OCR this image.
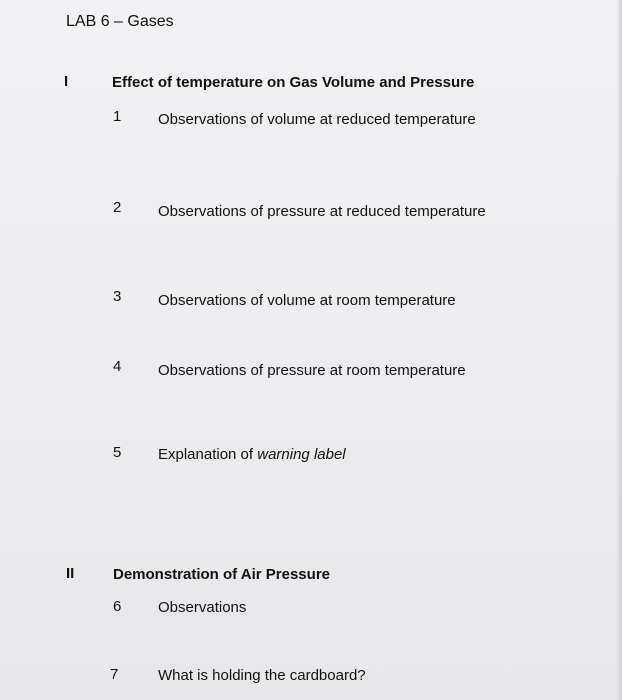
LAB 6 – Gases
I	Effect of temperature on Gas Volume and Pressure
1 Observations of volume at reduced temperature
2 Observations of pressure at reduced temperature
3 Observations of volume at room temperature
4 Observations of pressure at room temperature
5 Explanation of warning label
II	Demonstration of Air Pressure
6 Observations
7	What is holding the cardboard?
